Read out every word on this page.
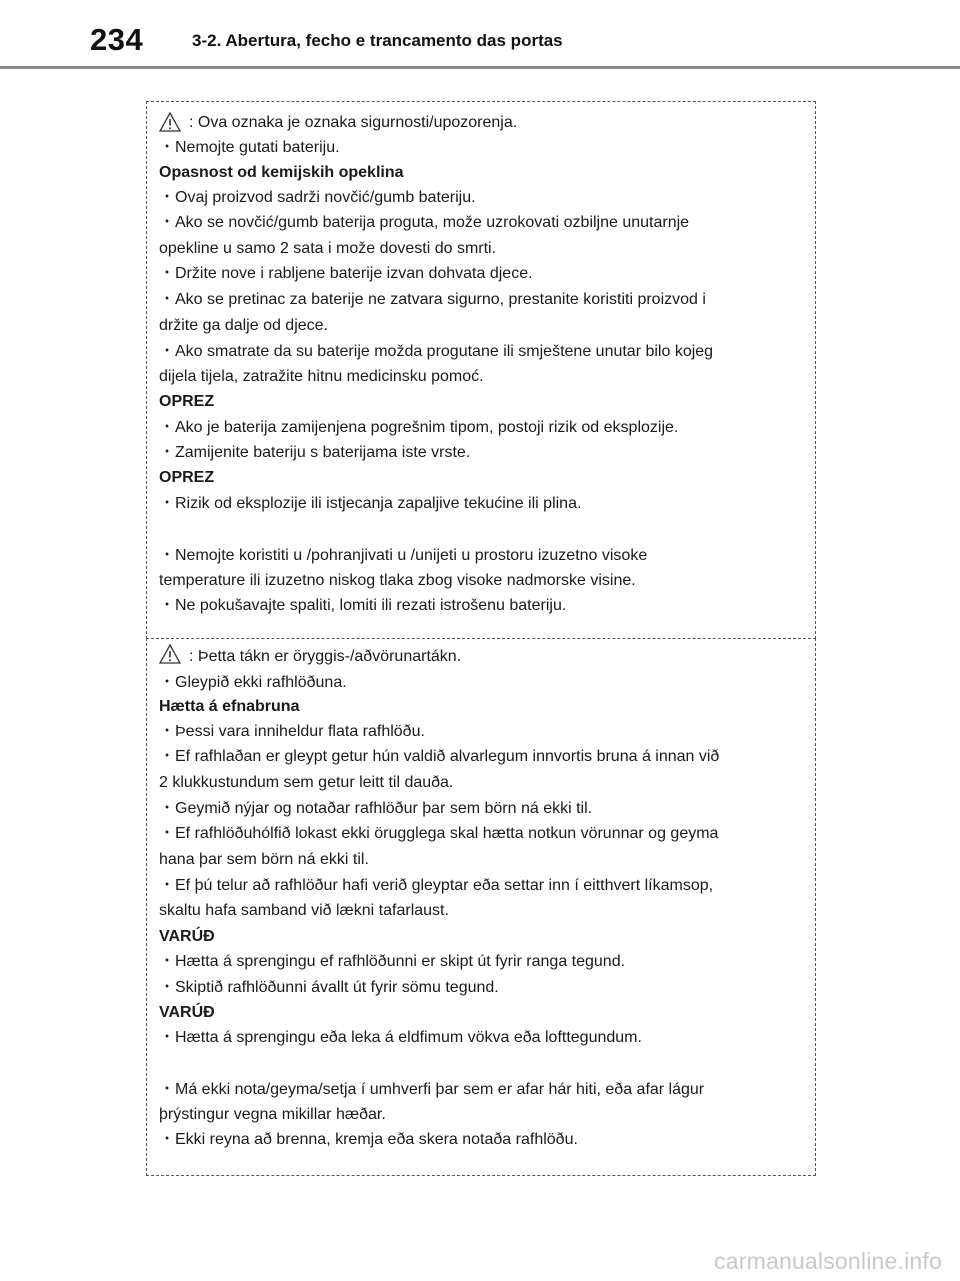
234	3-2. Abertura, fecho e trancamento das portas
: Ova oznaka je oznaka sigurnosti/upozorenja.
・Nemojte gutati bateriju.
Opasnost od kemijskih opeklina
・Ovaj proizvod sadrži novčić/gumb bateriju.
・Ako se novčić/gumb baterija proguta, može uzrokovati ozbiljne unutarnje
opekline u samo 2 sata i može dovesti do smrti.
・Držite nove i rabljene baterije izvan dohvata djece.
・Ako se pretinac za baterije ne zatvara sigurno, prestanite koristiti proizvod i
držite ga dalje od djece.
・Ako smatrate da su baterije možda progutane ili smještene unutar bilo kojeg
dijela tijela, zatražite hitnu medicinsku pomoć.
OPREZ
・Ako je baterija zamijenjena pogrešnim tipom, postoji rizik od eksplozije.
・Zamijenite bateriju s baterijama iste vrste.
OPREZ
・Rizik od eksplozije ili istjecanja zapaljive tekućine ili plina.
・Nemojte koristiti u /pohranjivati u /unijeti u prostoru izuzetno visoke
temperature ili izuzetno niskog tlaka zbog visoke nadmorske visine.
・Ne pokušavajte spaliti, lomiti ili rezati istrošenu bateriju.
: Þetta tákn er öryggis-/aðvörunartákn.
・Gleypið ekki rafhlöðuna.
Hætta á efnabruna
・Þessi vara inniheldur flata rafhlöðu.
・Ef rafhlaðan er gleypt getur hún valdið alvarlegum innvortis bruna á innan við
2 klukkustundum sem getur leitt til dauða.
・Geymið nýjar og notaðar rafhlöður þar sem börn ná ekki til.
・Ef rafhlöðuhólfið lokast ekki örugglega skal hætta notkun vörunnar og geyma
hana þar sem börn ná ekki til.
・Ef þú telur að rafhlöður hafi verið gleyptar eða settar inn í eitthvert líkamsop,
skaltu hafa samband við lækni tafarlaust.
VARÚÐ
・Hætta á sprengingu ef rafhlöðunni er skipt út fyrir ranga tegund.
・Skiptið rafhlöðunni ávallt út fyrir sömu tegund.
VARÚÐ
・Hætta á sprengingu eða leka á eldfimum vökva eða lofttegundum.
・Má ekki nota/geyma/setja í umhverfi þar sem er afar hár hiti, eða afar lágur
þrýstingur vegna mikillar hæðar.
・Ekki reyna að brenna, kremja eða skera notaða rafhlöðu.
carmanualsonline.info
